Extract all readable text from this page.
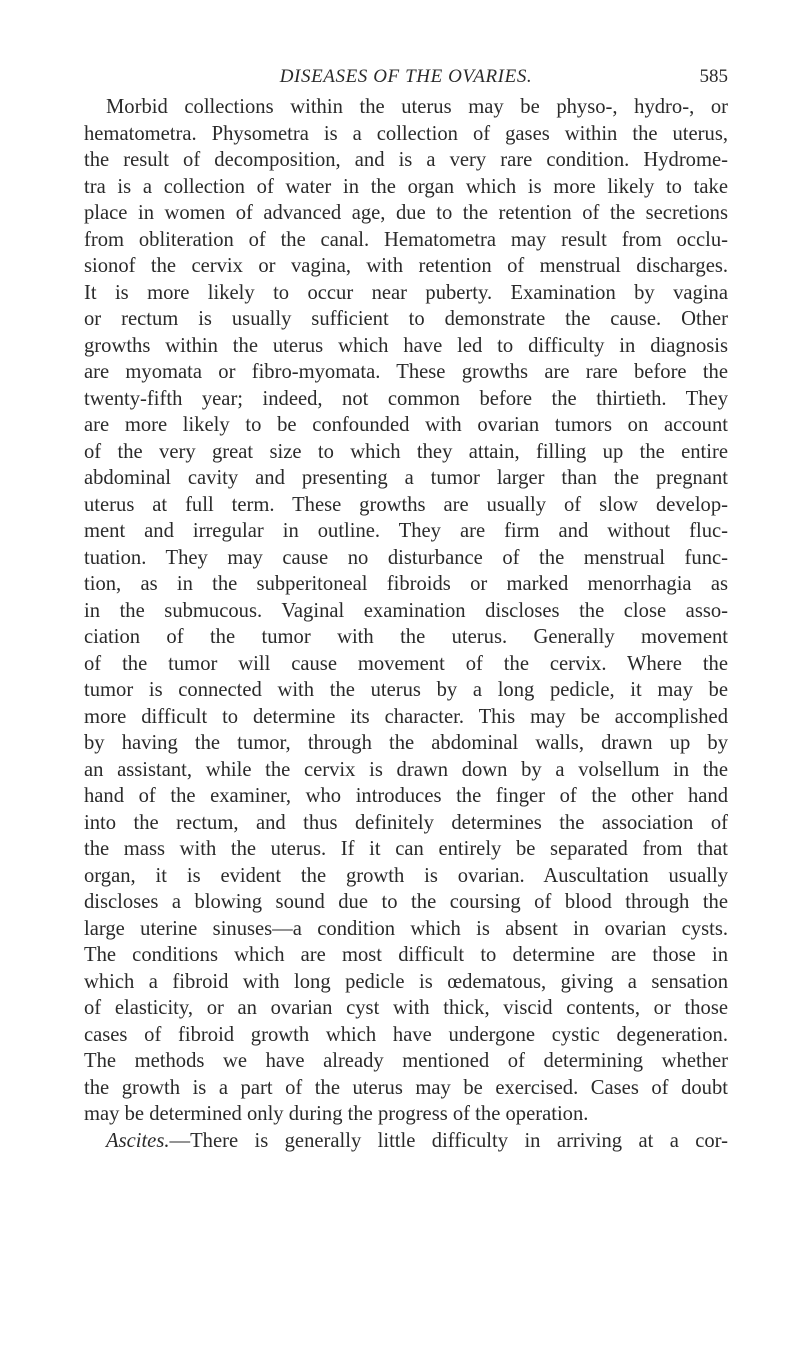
DISEASES OF THE OVARIES.	585
Morbid collections within the uterus may be physo-, hydro-, or
hematometra. Physometra is a collection of gases within the uterus,
the result of decomposition, and is a very rare condition. Hydrome-
tra is a collection of water in the organ which is more likely to take
place in women of advanced age, due to the retention of the secretions
from obliteration of the canal. Hematometra may result from occlu-
sionof the cervix or vagina, with retention of menstrual discharges.
It is more likely to occur near puberty. Examination by vagina
or rectum is usually sufficient to demonstrate the cause. Other
growths within the uterus which have led to difficulty in diagnosis
are myomata or fibro-myomata. These growths are rare before the
twenty-fifth year; indeed, not common before the thirtieth. They
are more likely to be confounded with ovarian tumors on account
of the very great size to which they attain, filling up the entire
abdominal cavity and presenting a tumor larger than the pregnant
uterus at full term. These growths are usually of slow develop-
ment and irregular in outline. They are firm and without fluc-
tuation. They may cause no disturbance of the menstrual func-
tion, as in the subperitoneal fibroids or marked menorrhagia as
in the submucous. Vaginal examination discloses the close asso-
ciation of the tumor with the uterus. Generally movement
of the tumor will cause movement of the cervix. Where the
tumor is connected with the uterus by a long pedicle, it may be
more difficult to determine its character. This may be accomplished
by having the tumor, through the abdominal walls, drawn up by
an assistant, while the cervix is drawn down by a volsellum in the
hand of the examiner, who introduces the finger of the other hand
into the rectum, and thus definitely determines the association of
the mass with the uterus. If it can entirely be separated from that
organ, it is evident the growth is ovarian. Auscultation usually
discloses a blowing sound due to the coursing of blood through the
large uterine sinuses—a condition which is absent in ovarian cysts.
The conditions which are most difficult to determine are those in
which a fibroid with long pedicle is œdematous, giving a sensation
of elasticity, or an ovarian cyst with thick, viscid contents, or those
cases of fibroid growth which have undergone cystic degeneration.
The methods we have already mentioned of determining whether
the growth is a part of the uterus may be exercised. Cases of doubt
may be determined only during the progress of the operation.
Ascites.—There is generally little difficulty in arriving at a cor-
